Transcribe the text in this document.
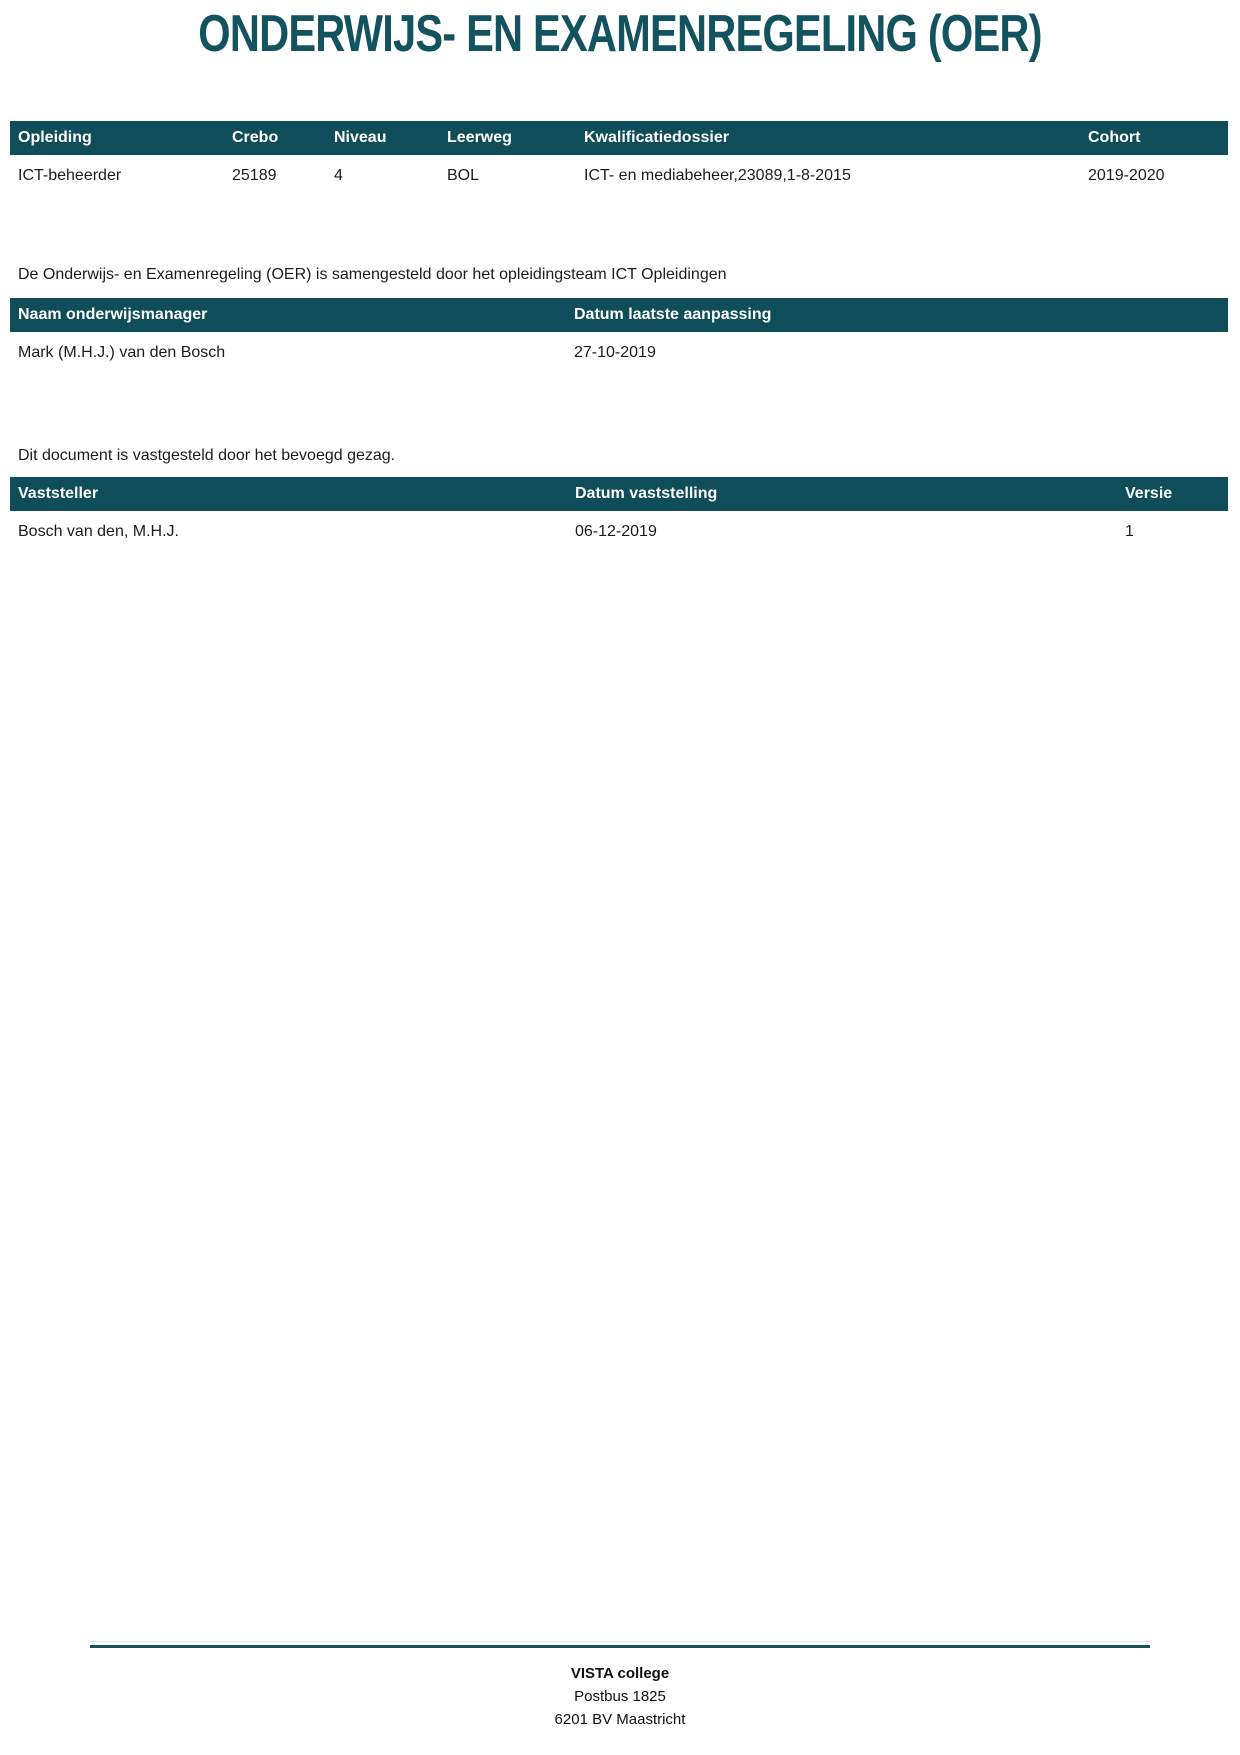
ONDERWIJS- EN EXAMENREGELING (OER)
Opleiding	Crebo	Niveau	Leerweg	Kwalificatiedossier	Cohort
ICT-beheerder	25189	4	BOL	ICT- en mediabeheer,23089,1-8-2015	2019-2020

De Onderwijs- en Examenregeling (OER) is samengesteld door het opleidingsteam ICT Opleidingen

Naam onderwijsmanager	Datum laatste aanpassing
Mark (M.H.J.) van den Bosch	27-10-2019

Dit document is vastgesteld door het bevoegd gezag.

Vaststeller	Datum vaststelling	Versie
Bosch van den, M.H.J.	06-12-2019	1
VISTA college
Postbus 1825
6201 BV Maastricht
